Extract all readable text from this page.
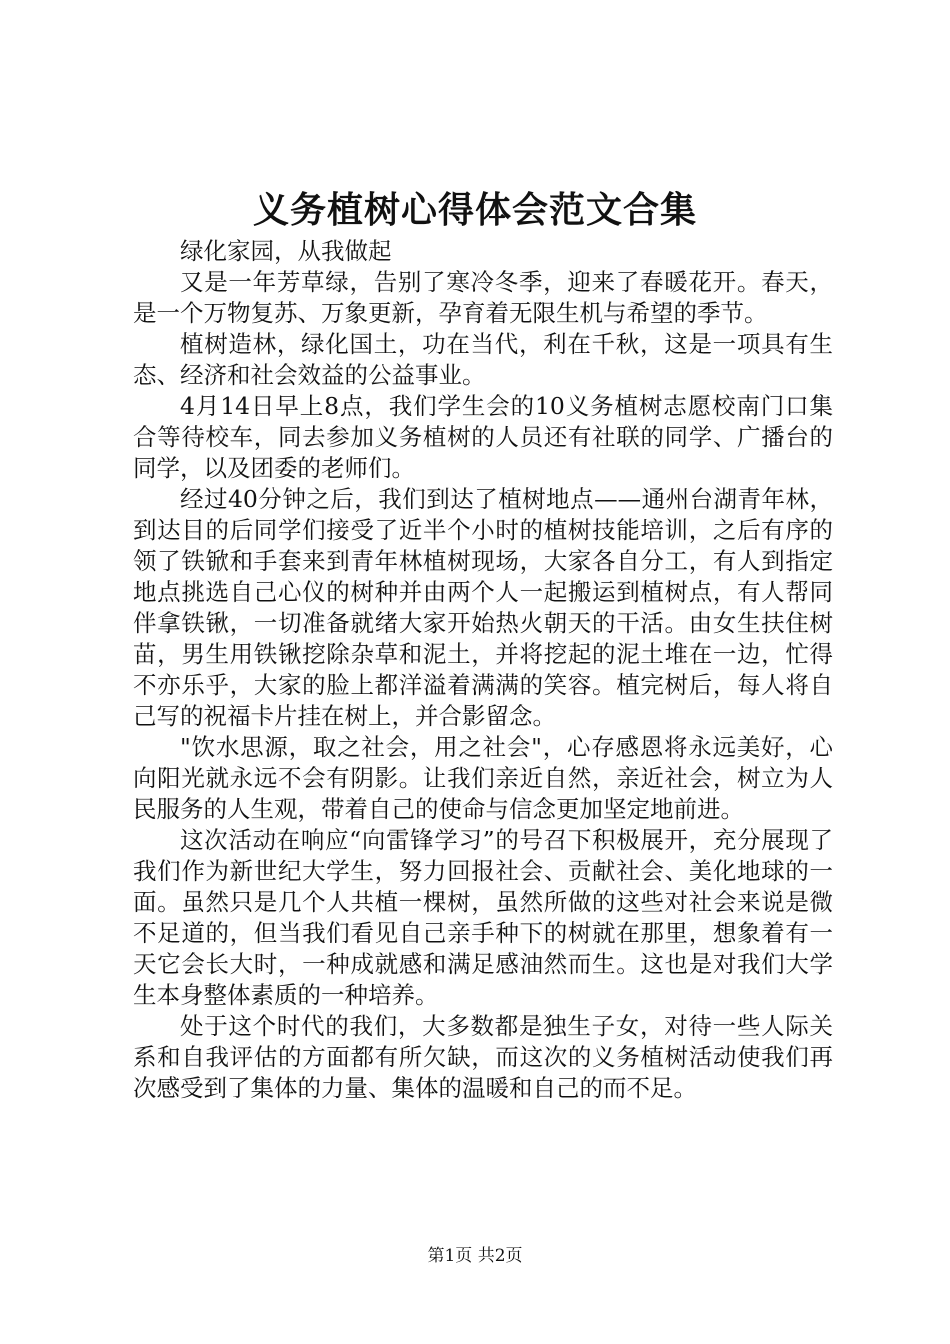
义务植树心得体会范文合集

绿化家园，从我做起

又是一年芳草绿，告别了寒冷冬季，迎来了春暖花开。春天，是一个万物复苏、万象更新，孕育着无限生机与希望的季节。

植树造林，绿化国土，功在当代，利在千秋，这是一项具有生态、经济和社会效益的公益事业。

4月14日早上8点，我们学生会的10义务植树志愿校南门口集合等待校车，同去参加义务植树的人员还有社联的同学、广播台的同学，以及团委的老师们。

经过40分钟之后，我们到达了植树地点——通州台湖青年林，到达目的后同学们接受了近半个小时的植树技能培训，之后有序的领了铁锨和手套来到青年林植树现场，大家各自分工，有人到指定地点挑选自己心仪的树种并由两个人一起搬运到植树点，有人帮同伴拿铁锹，一切准备就绪大家开始热火朝天的干活。由女生扶住树苗，男生用铁锹挖除杂草和泥土，并将挖起的泥土堆在一边，忙得不亦乐乎，大家的脸上都洋溢着满满的笑容。植完树后，每人将自己写的祝福卡片挂在树上，并合影留念。

"饮水思源，取之社会，用之社会"，心存感恩将永远美好，心向阳光就永远不会有阴影。让我们亲近自然，亲近社会，树立为人民服务的人生观，带着自己的使命与信念更加坚定地前进。

这次活动在响应“向雷锋学习”的号召下积极展开，充分展现了我们作为新世纪大学生，努力回报社会、贡献社会、美化地球的一面。虽然只是几个人共植一棵树，虽然所做的这些对社会来说是微不足道的，但当我们看见自己亲手种下的树就在那里，想象着有一天它会长大时，一种成就感和满足感油然而生。这也是对我们大学生本身整体素质的一种培养。

处于这个时代的我们，大多数都是独生子女，对待一些人际关系和自我评估的方面都有所欠缺，而这次的义务植树活动使我们再次感受到了集体的力量、集体的温暖和自己的而不足。

第1页 共2页
